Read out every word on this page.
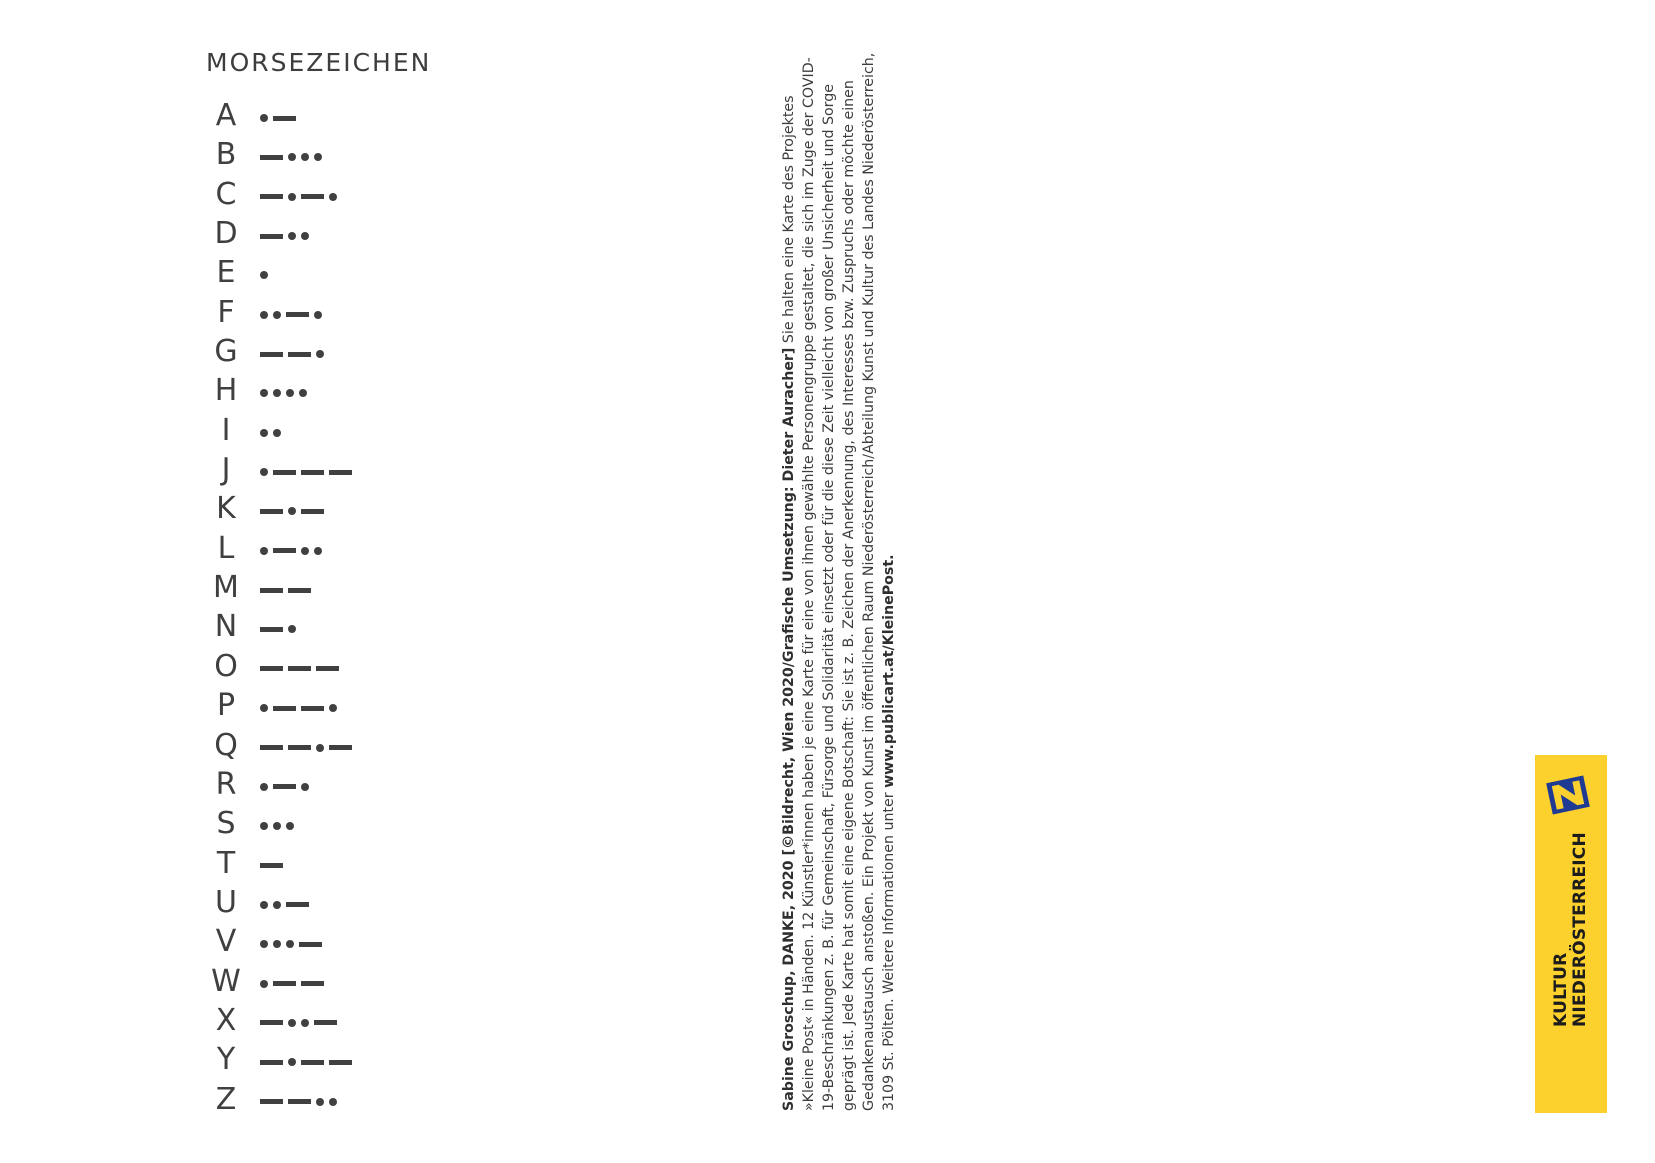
MORSEZEICHEN
A
B
C
D
E
F
G
H
I
J
K
L
M
N
O
P
Q
R
S
T
U
V
W
X
Y
Z	Sabine Groschup, DANKE, 2020 [©Bildrecht, Wien 2020/Grafische Umsetzung: Dieter Auracher] Sie halten eine Karte des Projektes »Kleine Post« in Händen. 12 Künstler*innen haben je eine Karte für eine von ihnen gewählte Personengruppe gestaltet, die sich im Zuge der COVID-19-Beschränkungen z. B. für Gemeinschaft, Fürsorge und Solidarität einsetzt oder für die diese Zeit vielleicht von großer Unsicherheit und Sorge geprägt ist. Jede Karte hat somit eine eigene Botschaft: Sie ist z. B. Zeichen der Anerkennung, des Interesses bzw. Zuspruchs oder möchte einen Gedankenaustausch anstoßen. Ein Projekt von Kunst im öffentlichen Raum Niederösterreich/Abteilung Kunst und Kultur des Landes Niederösterreich, 3109 St. Pölten. Weitere Informationen unter www.publicart.at/KleinePost.

KULTUR NIEDERÖSTERREICH
